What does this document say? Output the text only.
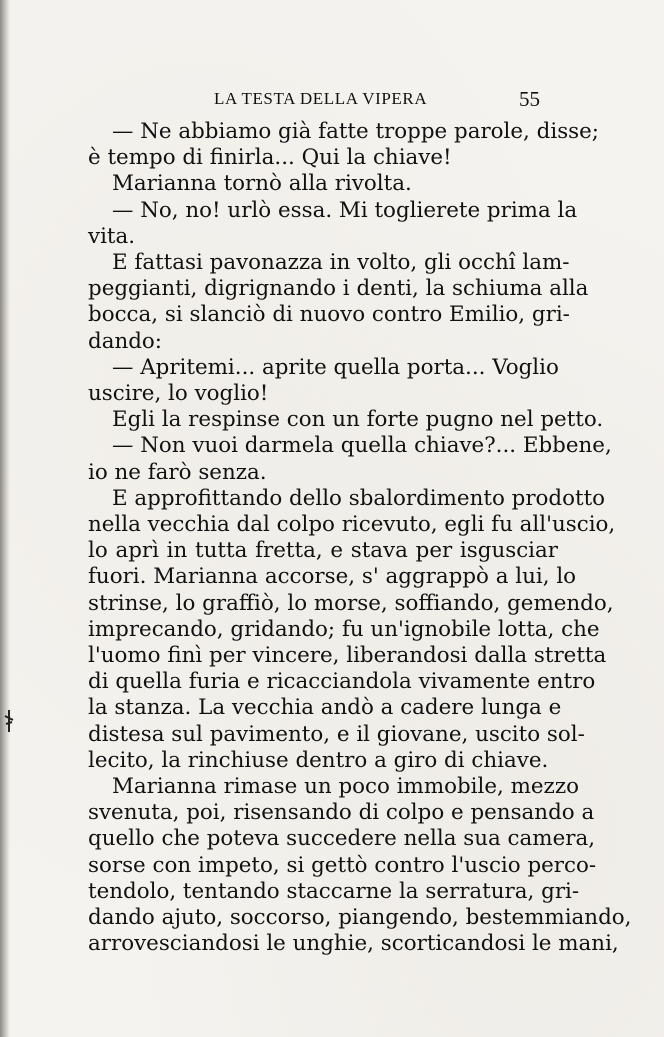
LA TESTA DELLA VIPERA	55
— Ne abbiamo già fatte troppe parole, disse;
è tempo di finirla... Qui la chiave!
Marianna tornò alla rivolta.
— No, no! urlò essa. Mi toglierete prima la
vita.
E fattasi pavonazza in volto, gli occhî lam-
peggianti, digrignando i denti, la schiuma alla
bocca, si slanciò di nuovo contro Emilio, gri-
dando:
— Apritemi... aprite quella porta... Voglio
uscire, lo voglio!
Egli la respinse con un forte pugno nel petto.
— Non vuoi darmela quella chiave?... Ebbene,
io ne farò senza.
E approfittando dello sbalordimento prodotto
nella vecchia dal colpo ricevuto, egli fu all'uscio,
lo aprì in tutta fretta, e stava per isgusciar
fuori. Marianna accorse, s' aggrappò a lui, lo
strinse, lo graffiò, lo morse, soffiando, gemendo,
imprecando, gridando; fu un'ignobile lotta, che
l'uomo finì per vincere, liberandosi dalla stretta
di quella furia e ricacciandola vivamente entro
la stanza. La vecchia andò a cadere lunga e
distesa sul pavimento, e il giovane, uscito sol-
lecito, la rinchiuse dentro a giro di chiave.
Marianna rimase un poco immobile, mezzo
svenuta, poi, risensando di colpo e pensando a
quello che poteva succedere nella sua camera,
sorse con impeto, si gettò contro l'uscio perco-
tendolo, tentando staccarne la serratura, gri-
dando ajuto, soccorso, piangendo, bestemmiando,
arrovesciandosi le unghie, scorticandosi le mani,
